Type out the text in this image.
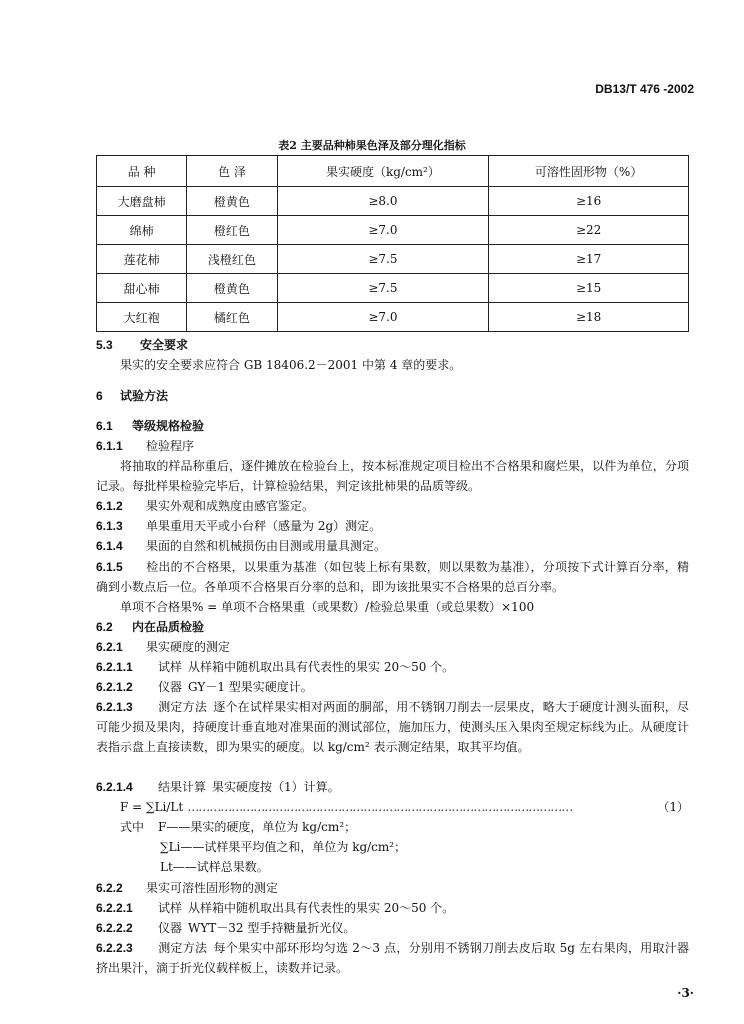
DB13/T 476 -2002
表2 主要品种柿果色泽及部分理化指标
品 种	色 泽	果实硬度（kg/cm²）	可溶性固形物（%）
大磨盘柿	橙黄色	≥8.0	≥16
绵柿	橙红色	≥7.0	≥22
莲花柿	浅橙红色	≥7.5	≥17
甜心柿	橙黄色	≥7.5	≥15
大红袍	橘红色	≥7.0	≥18
5.3 安全要求
果实的安全要求应符合 GB 18406.2－2001 中第 4 章的要求。
6 试验方法
6.1 等级规格检验
6.1.1 检验程序
将抽取的样品称重后，逐件摊放在检验台上，按本标准规定项目检出不合格果和腐烂果，以件为单位，分项记录。每批样果检验完毕后，计算检验结果，判定该批柿果的品质等级。
6.1.2 果实外观和成熟度由感官鉴定。
6.1.3 单果重用天平或小台秤（感量为 2g）测定。
6.1.4 果面的自然和机械损伤由目测或用量具测定。
6.1.5 检出的不合格果，以果重为基准（如包装上标有果数，则以果数为基准），分项按下式计算百分率，精确到小数点后一位。各单项不合格果百分率的总和，即为该批果实不合格果的总百分率。
单项不合格果% = 单项不合格果重（或果数）/检验总果重（或总果数）×100
6.2 内在品质检验
6.2.1 果实硬度的测定
6.2.1.1 试样  从样箱中随机取出具有代表性的果实 20～50 个。
6.2.1.2 仪器  GY－1 型果实硬度计。
6.2.1.3 测定方法  逐个在试样果实相对两面的胴部，用不锈钢刀削去一层果皮，略大于硬度计测头面积，尽可能少损及果肉，持硬度计垂直地对准果面的测试部位，施加压力，使测头压入果肉至规定标线为止。从硬度计表指示盘上直接读数，即为果实的硬度。以 kg/cm² 表示测定结果，取其平均值。
6.2.1.4 结果计算  果实硬度按（1）计算。
F = ∑Li/Lt ……………………………………………………………………………………………	（1）
式中 F——果实的硬度，单位为 kg/cm²；
∑Li——试样果平均值之和，单位为 kg/cm²；
Lt——试样总果数。
6.2.2 果实可溶性固形物的测定
6.2.2.1 试样  从样箱中随机取出具有代表性的果实 20～50 个。
6.2.2.2 仪器  WYT－32 型手持糖量折光仪。
6.2.2.3 测定方法  每个果实中部环形均匀选 2～3 点，分别用不锈钢刀削去皮后取 5g 左右果肉，用取汁器挤出果汁，滴于折光仪载样板上，读数并记录。
·3·
